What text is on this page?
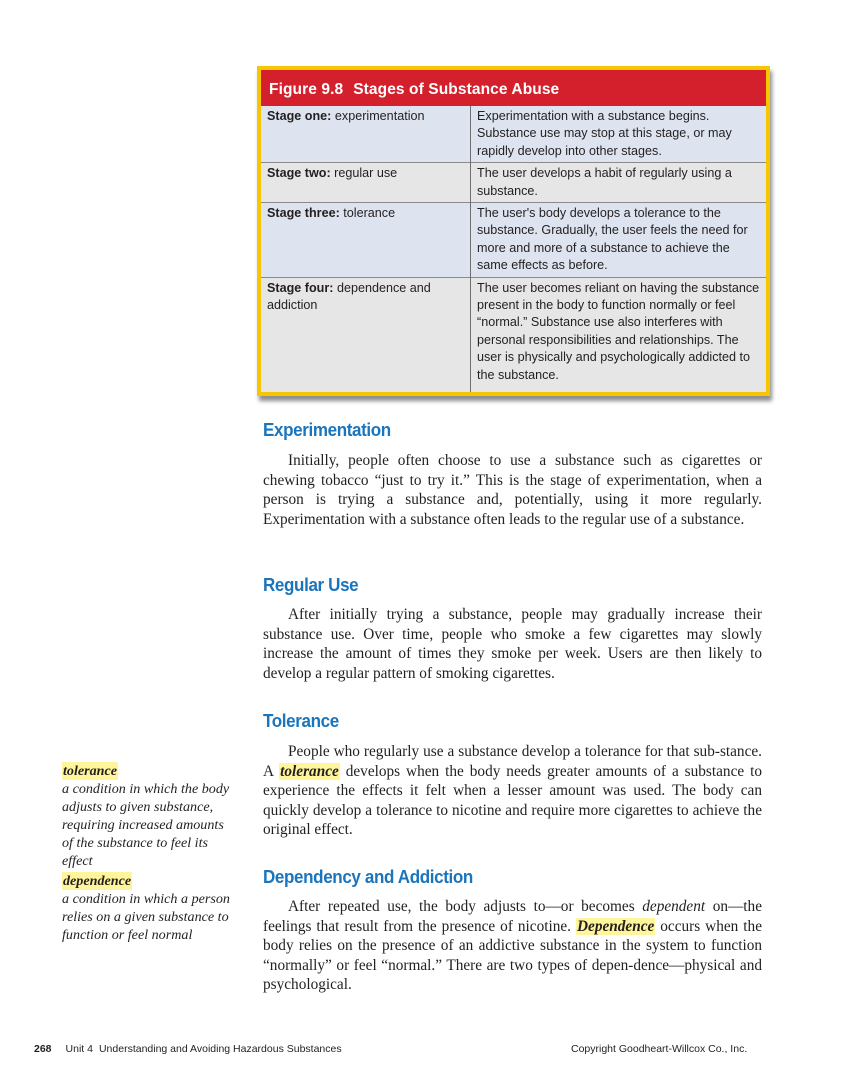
Figure 9.8 Stages of Substance Abuse
Stage one: experimentation	Experimentation with a substance begins. Substance use may stop at this stage, or may rapidly develop into other stages.
Stage two: regular use	The user develops a habit of regularly using a substance.
Stage three: tolerance	The user's body develops a tolerance to the substance. Gradually, the user feels the need for more and more of a substance to achieve the same effects as before.
Stage four: dependence and addiction	The user becomes reliant on having the substance present in the body to function normally or feel “normal.” Substance use also interferes with personal responsibilities and relationships. The user is physically and psychologically addicted to the substance.
Experimentation
Initially, people often choose to use a substance such as cigarettes or chewing tobacco “just to try it.” This is the stage of experimentation, when a person is trying a substance and, potentially, using it more regularly. Experimentation with a substance often leads to the regular use of a substance.
Regular Use
After initially trying a substance, people may gradually increase their substance use. Over time, people who smoke a few cigarettes may slowly increase the amount of times they smoke per week. Users are then likely to develop a regular pattern of smoking cigarettes.
Tolerance
People who regularly use a substance develop a tolerance for that sub-stance. A tolerance develops when the body needs greater amounts of a substance to experience the effects it felt when a lesser amount was used. The body can quickly develop a tolerance to nicotine and require more cigarettes to achieve the original effect.
Dependency and Addiction
After repeated use, the body adjusts to—or becomes dependent on—the feelings that result from the presence of nicotine. Dependence occurs when the body relies on the presence of an addictive substance in the system to function “normally” or feel “normal.” There are two types of depen-dence—physical and psychological.
tolerance
a condition in which the body adjusts to given substance, requiring increased amounts of the substance to feel its effect
dependence
a condition in which a person relies on a given substance to function or feel normal
268 Unit 4 Understanding and Avoiding Hazardous Substances	Copyright Goodheart-Willcox Co., Inc.
